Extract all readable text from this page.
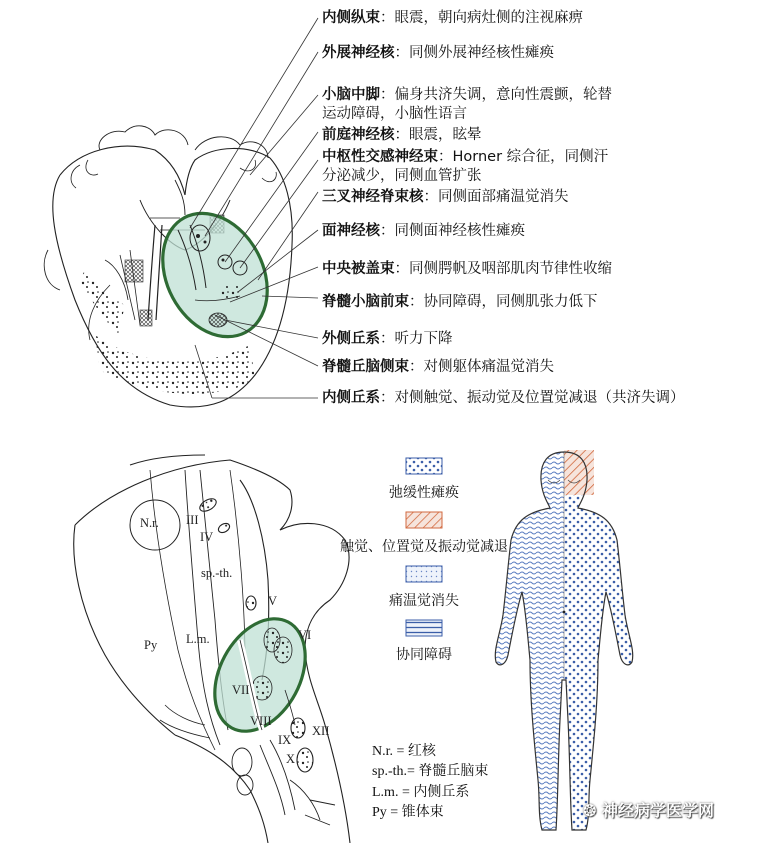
内侧纵束：眼震，朝向病灶侧的注视麻痹
外展神经核：同侧外展神经核性瘫痪
小脑中脚：偏身共济失调，意向性震颤，轮替
运动障碍，小脑性语言
前庭神经核：眼震，眩晕
中枢性交感神经束：Horner 综合征，同侧汗
分泌减少，同侧血管扩张
三叉神经脊束核：同侧面部痛温觉消失
面神经核：同侧面神经核性瘫痪
中央被盖束：同侧腭帆及咽部肌肉节律性收缩
脊髓小脑前束：协同障碍，同侧肌张力低下
外侧丘系：听力下降
脊髓丘脑侧束：对侧躯体痛温觉消失
内侧丘系：对侧触觉、振动觉及位置觉减退（共济失调）
N.r. III
IV
sp.-th.
V
VI
Py L.m.
VII
VIII
IX
X
XII
弛缓性瘫痪
触觉、位置觉及振动觉减退
痛温觉消失
协同障碍
N.r. = 红核
sp.-th.= 脊髓丘脑束
L.m. = 内侧丘系
Py = 锥体束	❂ 神经病学医学网
